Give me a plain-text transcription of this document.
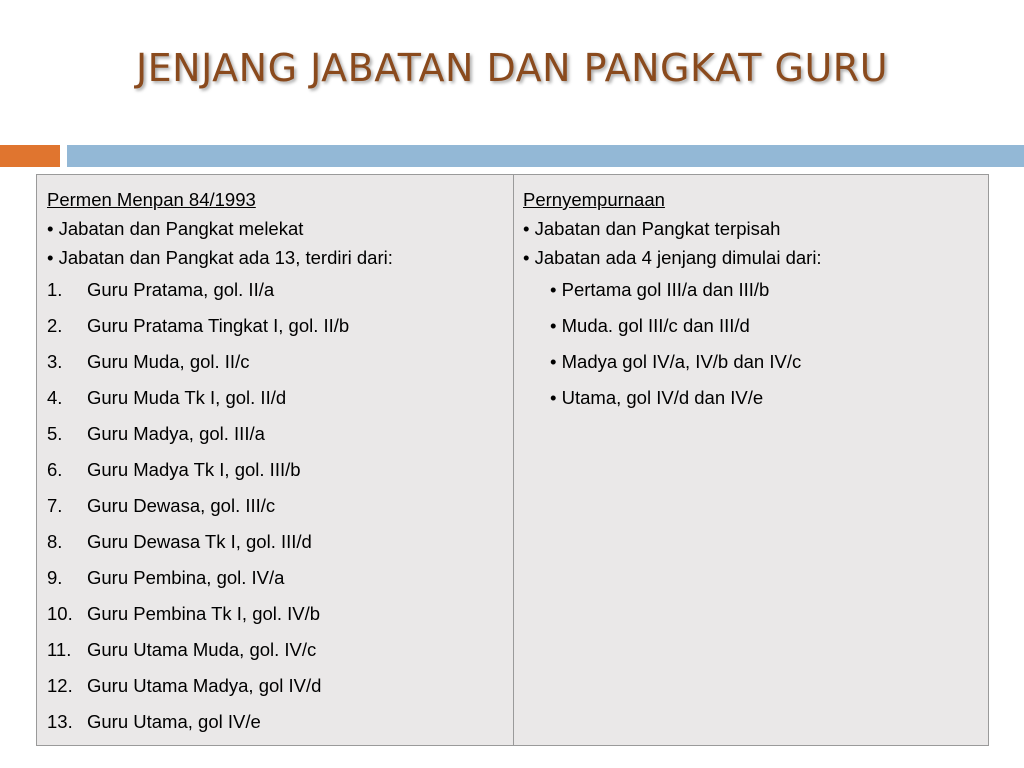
JENJANG JABATAN DAN PANGKAT GURU
Permen Menpan 84/1993
• Jabatan dan Pangkat melekat
• Jabatan dan Pangkat ada 13, terdiri dari:
1.	Guru Pratama, gol. II/a
2.	Guru Pratama Tingkat I, gol. II/b
3.	Guru Muda, gol. II/c
4.	Guru Muda Tk I, gol. II/d
5.	Guru Madya, gol. III/a
6.	Guru Madya Tk I, gol. III/b
7.	Guru Dewasa, gol. III/c
8.	Guru Dewasa Tk I, gol. III/d
9.	Guru Pembina, gol. IV/a
10. Guru Pembina Tk I, gol. IV/b
11. Guru Utama Muda, gol. IV/c
12. Guru Utama Madya, gol IV/d
13. Guru Utama, gol IV/e
Pernyempurnaan
• Jabatan dan Pangkat terpisah
• Jabatan ada 4 jenjang dimulai dari:
• Pertama gol III/a dan III/b
• Muda. gol III/c dan III/d
• Madya gol IV/a, IV/b dan IV/c
• Utama, gol IV/d dan IV/e
